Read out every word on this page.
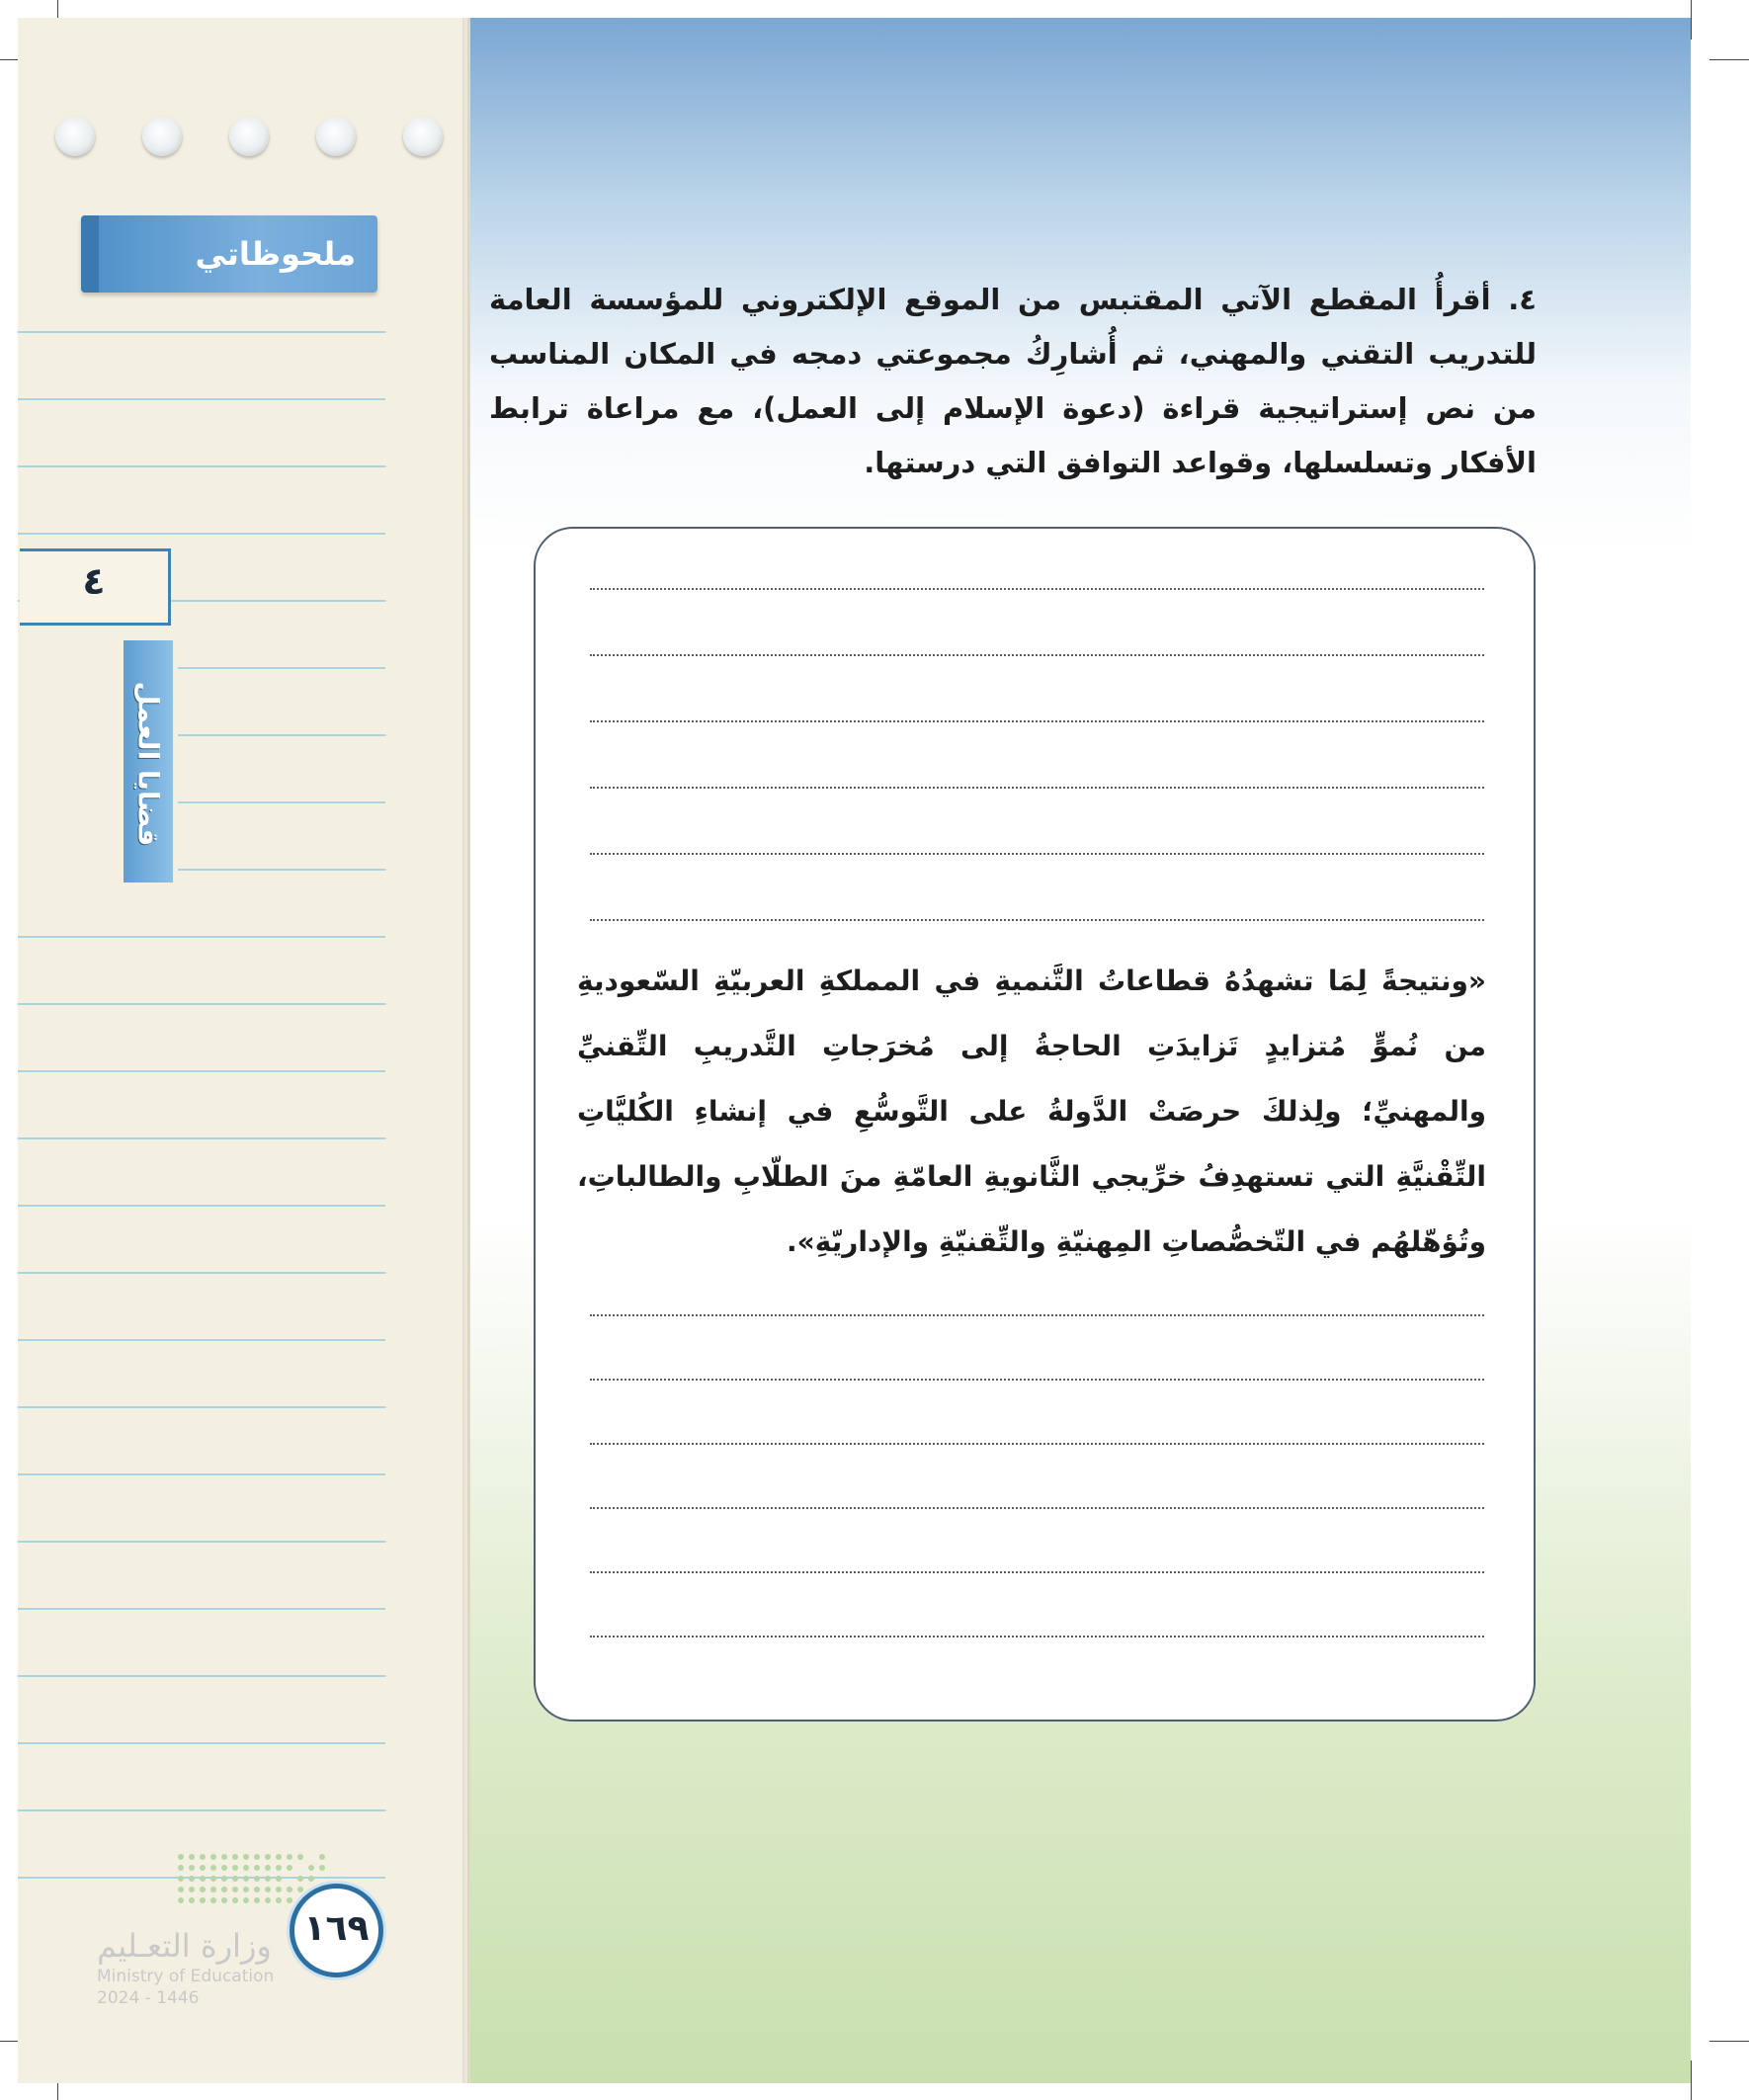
ملحوظاتي
٤
قضايا العمل
١٦٩
وزارة التعـليم
Ministry of Education
2024 - 1446
٤. أقرأُ المقطع الآتي المقتبس من الموقع الإلكتروني للمؤسسة العامة للتدريب التقني والمهني، ثم أُشارِكُ مجموعتي دمجه في المكان المناسب من نص إستراتيجية قراءة (دعوة الإسلام إلى العمل)، مع مراعاة ترابط الأفكار وتسلسلها، وقواعد التوافق التي درستها.
«ونتيجةً لِمَا تشهدُهُ قطاعاتُ التَّنميةِ في المملكةِ العربيّةِ السّعوديةِ من نُموٍّ مُتزايدٍ تَزايدَتِ الحاجةُ إلى مُخرَجاتِ التَّدريبِ التِّقنيِّ والمهنيِّ؛ ولِذلكَ حرصَتْ الدَّولةُ على التَّوسُّعِ في إنشاءِ الكُليَّاتِ التِّقْنيَّةِ التي تستهدِفُ خرِّيجي الثَّانويةِ العامّةِ منَ الطلّابِ والطالباتِ، وتُؤهّلهُم في التّخصُّصاتِ المِهنيّةِ والتِّقنيّةِ والإداريّةِ».
